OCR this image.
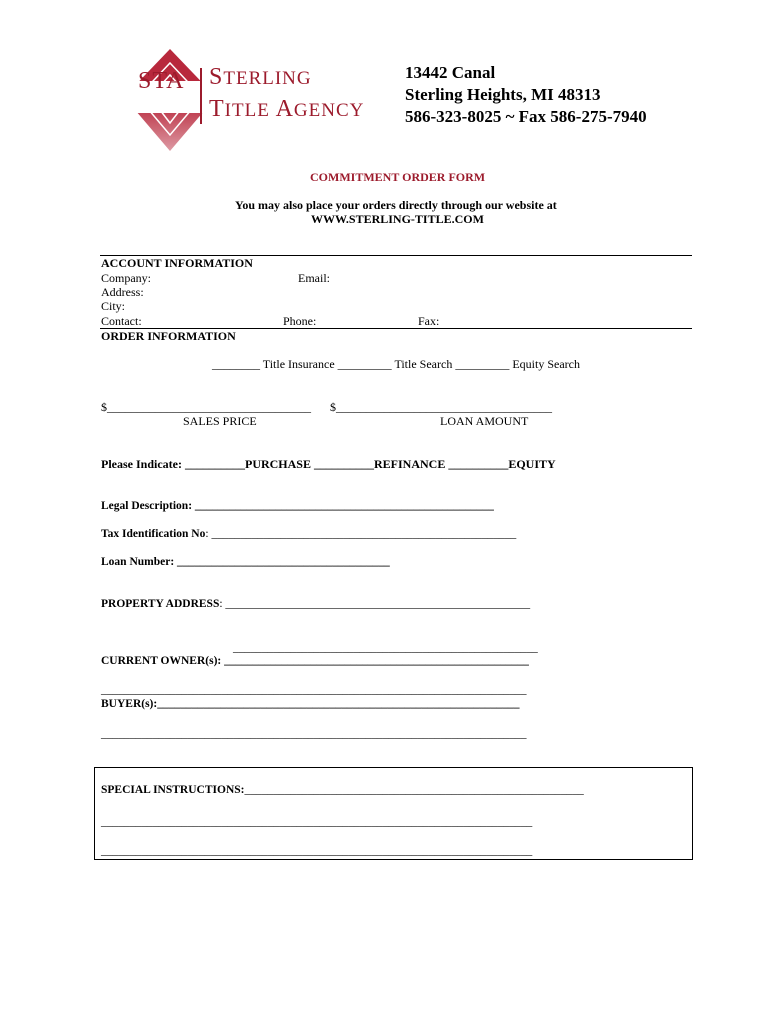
STA STERLING
TITLE AGENCY
13442 Canal
Sterling Heights, MI 48313
586-323-8025 ~ Fax 586-275-7940
COMMITMENT ORDER FORM
You may also place your orders directly through our website at
WWW.STERLING-TITLE.COM
ACCOUNT INFORMATION
Company:	Email:
Address:
City:
Contact:	Phone:	Fax:
ORDER INFORMATION
________ Title Insurance _________ Title Search _________ Equity Search
$__________________________________ $____________________________________
SALES PRICE	LOAN AMOUNT
Please Indicate: __________PURCHASE __________REFINANCE __________EQUITY
Legal Description: ____________________________________________________
Tax Identification No: _____________________________________________________
Loan Number: _____________________________________
PROPERTY ADDRESS: _____________________________________________________
_____________________________________________________
CURRENT OWNER(s): _____________________________________________________
__________________________________________________________________________
BUYER(s):_______________________________________________________________
__________________________________________________________________________
SPECIAL INSTRUCTIONS:___________________________________________________________
___________________________________________________________________________
___________________________________________________________________________
